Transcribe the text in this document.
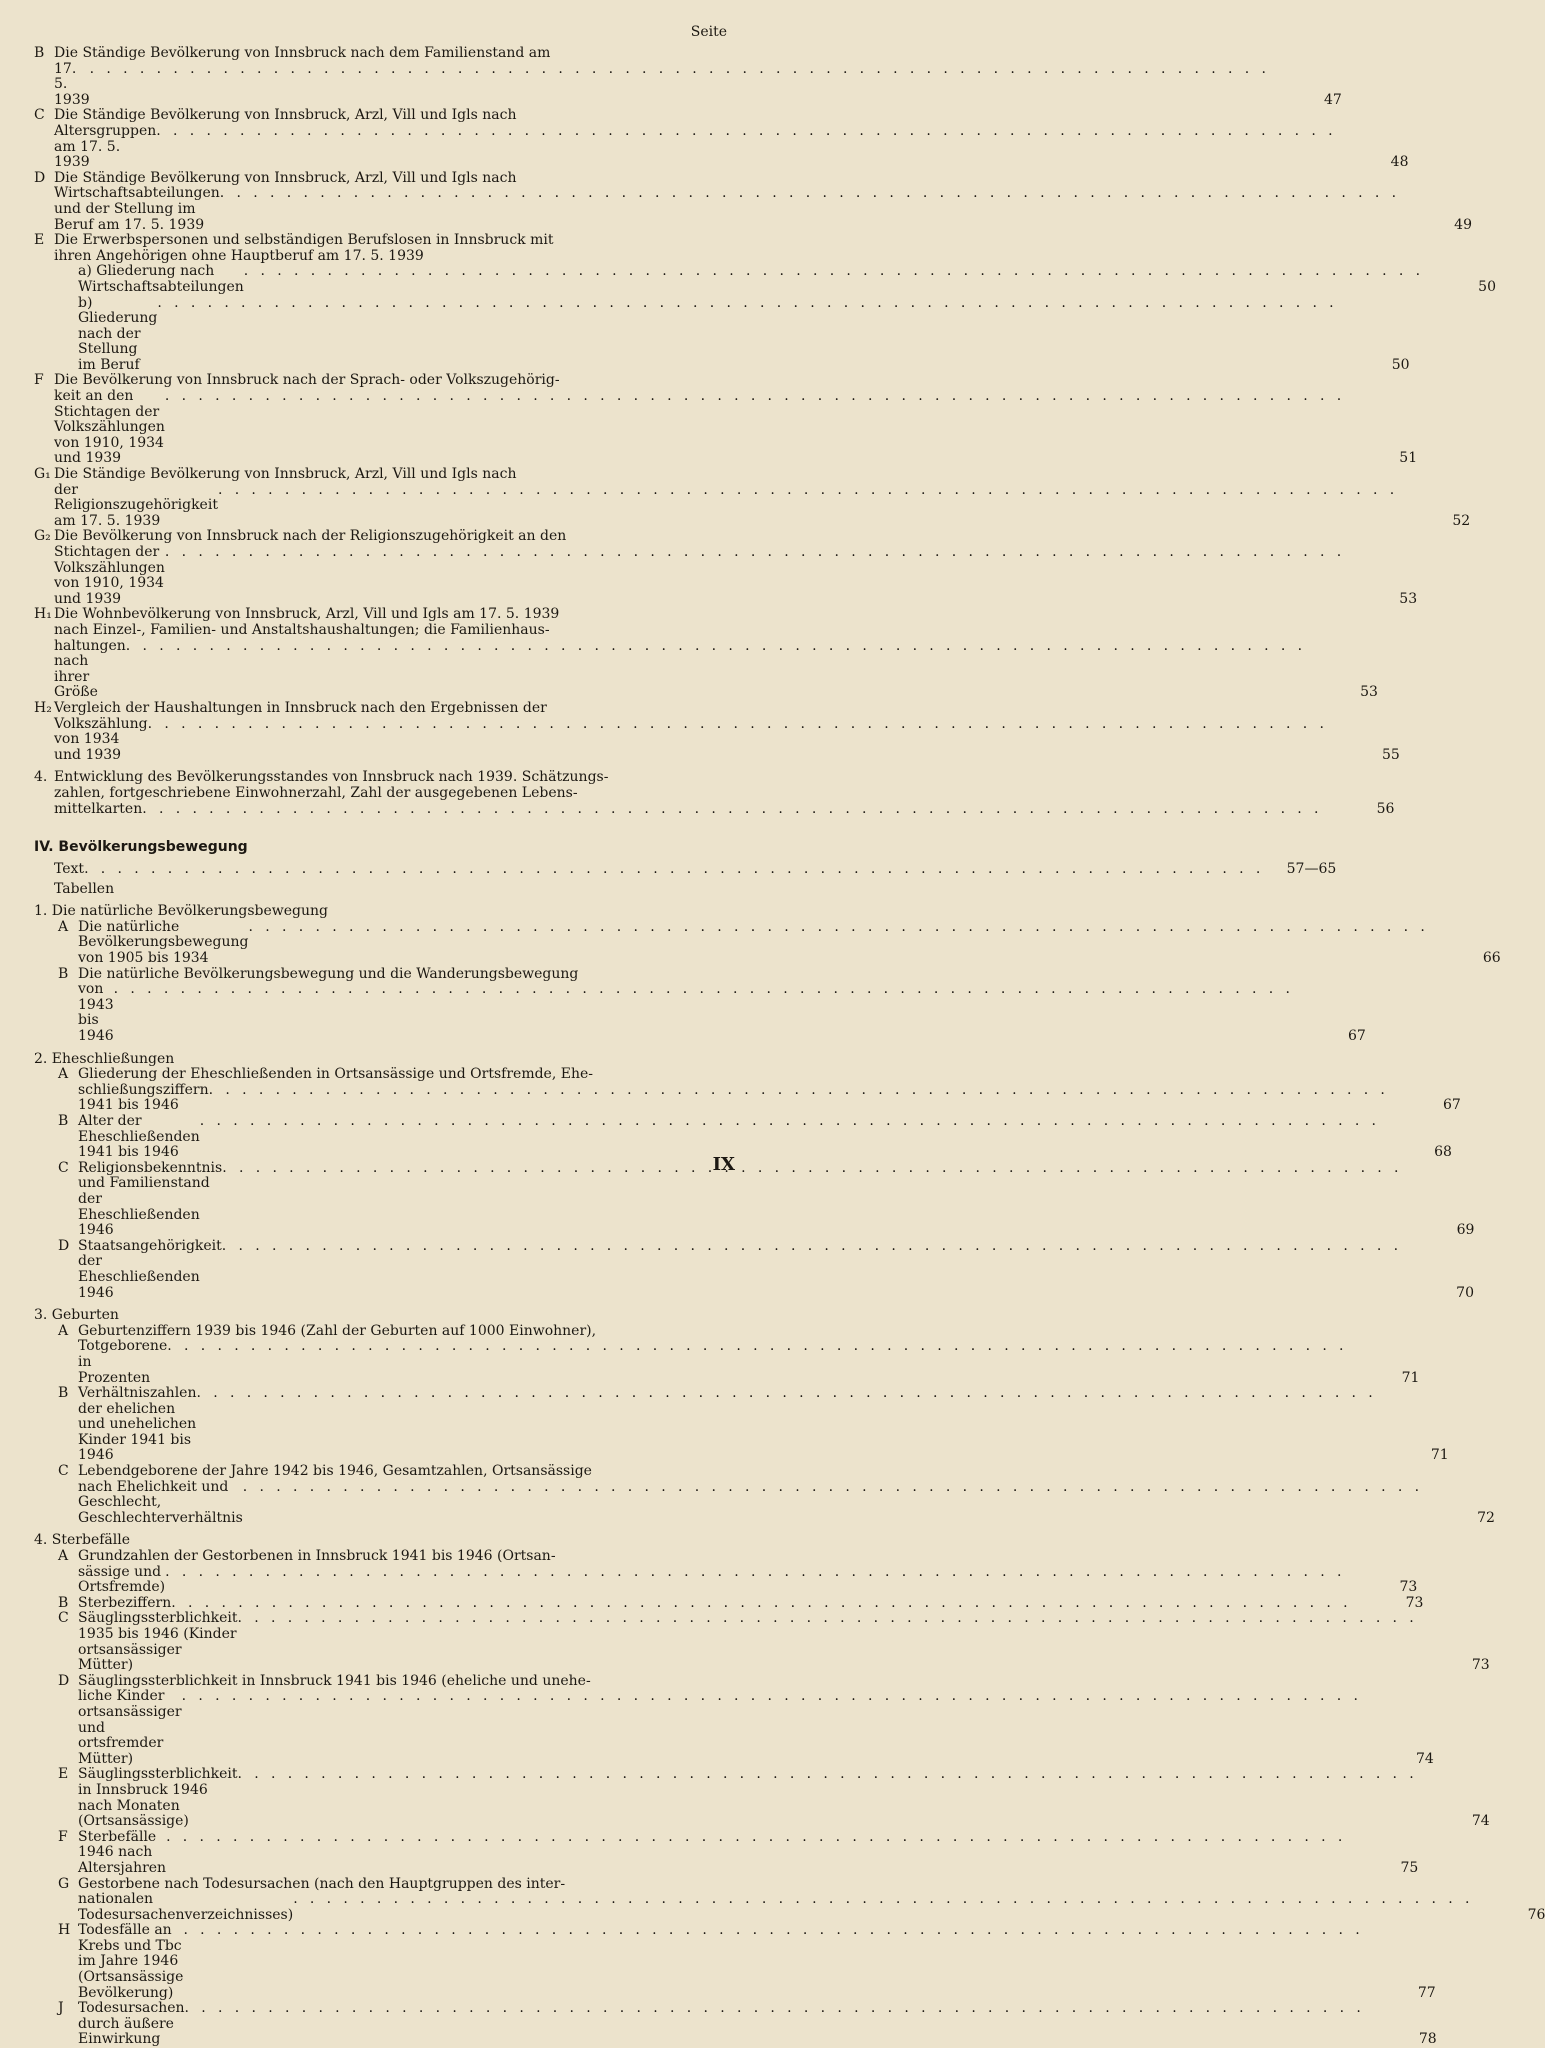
Seite
B Die Ständige Bevölkerung von Innsbruck nach dem Familienstand am
17. 5. 1939 . . .	47
C Die Ständige Bevölkerung von Innsbruck, Arzl, Vill und Igls nach
Altersgruppen am 17. 5. 1939 . . .	48
D Die Ständige Bevölkerung von Innsbruck, Arzl, Vill und Igls nach
Wirtschaftsabteilungen und der Stellung im Beruf am 17. 5. 1939 . . .	49
E Die Erwerbspersonen und selbständigen Berufslosen in Innsbruck mit
ihren Angehörigen ohne Hauptberuf am 17. 5. 1939
a) Gliederung nach Wirtschaftsabteilungen . . .	50
b) Gliederung nach der Stellung im Beruf . . .	50
F Die Bevölkerung von Innsbruck nach der Sprach- oder Volkszugehörig-
keit an den Stichtagen der Volkszählungen von 1910, 1934 und 1939 . . .	51
G₁ Die Ständige Bevölkerung von Innsbruck, Arzl, Vill und Igls nach
der Religionszugehörigkeit am 17. 5. 1939 . . .	52
G₂ Die Bevölkerung von Innsbruck nach der Religionszugehörigkeit an den
Stichtagen der Volkszählungen von 1910, 1934 und 1939 . . .	53
H₁ Die Wohnbevölkerung von Innsbruck, Arzl, Vill und Igls am 17. 5. 1939
nach Einzel-, Familien- und Anstaltshaushaltungen; die Familienhaus-
haltungen nach ihrer Größe . . .	53
H₂ Vergleich der Haushaltungen in Innsbruck nach den Ergebnissen der
Volkszählung von 1934 und 1939 . . .	55
4. Entwicklung des Bevölkerungsstandes von Innsbruck nach 1939. Schätzungs-
zahlen, fortgeschriebene Einwohnerzahl, Zahl der ausgegebenen Lebens-
mittelkarten . . .	56
IV. Bevölkerungsbewegung
Text . . .	57—65
Tabellen
1. Die natürliche Bevölkerungsbewegung
A Die natürliche Bevölkerungsbewegung von 1905 bis 1934 . . .	66
B Die natürliche Bevölkerungsbewegung und die Wanderungsbewegung
von 1943 bis 1946 . . .	67
2. Eheschließungen
A Gliederung der Eheschließenden in Ortsansässige und Ortsfremde, Ehe-
schließungsziffern 1941 bis 1946 . . .	67
B Alter der Eheschließenden 1941 bis 1946 . . .	68
C Religionsbekenntnis und Familienstand der Eheschließenden 1946 . . .	69
D Staatsangehörigkeit der Eheschließenden 1946 . . .	70
3. Geburten
A Geburtenziffern 1939 bis 1946 (Zahl der Geburten auf 1000 Einwohner),
Totgeborene in Prozenten . . .	71
B Verhältniszahlen der ehelichen und unehelichen Kinder 1941 bis 1946 . . .	71
C Lebendgeborene der Jahre 1942 bis 1946, Gesamtzahlen, Ortsansässige
nach Ehelichkeit und Geschlecht, Geschlechterverhältnis . . .	72
4. Sterbefälle
A Grundzahlen der Gestorbenen in Innsbruck 1941 bis 1946 (Ortsan-
sässige und Ortsfremde) . . .	73
B Sterbeziffern . . .	73
C Säuglingssterblichkeit 1935 bis 1946 (Kinder ortsansässiger Mütter) . . .	73
D Säuglingssterblichkeit in Innsbruck 1941 bis 1946 (eheliche und unehe-
liche Kinder ortsansässiger und ortsfremder Mütter) . . .	74
E Säuglingssterblichkeit in Innsbruck 1946 nach Monaten (Ortsansässige) . . .	74
F Sterbefälle 1946 nach Altersjahren . . .	75
G Gestorbene nach Todesursachen (nach den Hauptgruppen des inter-
nationalen Todesursachenverzeichnisses) . . .	76
H Todesfälle an Krebs und Tbc im Jahre 1946 (Ortsansässige Bevölkerung) . . .	77
J	Todesursachen durch äußere Einwirkung . . .	78
IX
